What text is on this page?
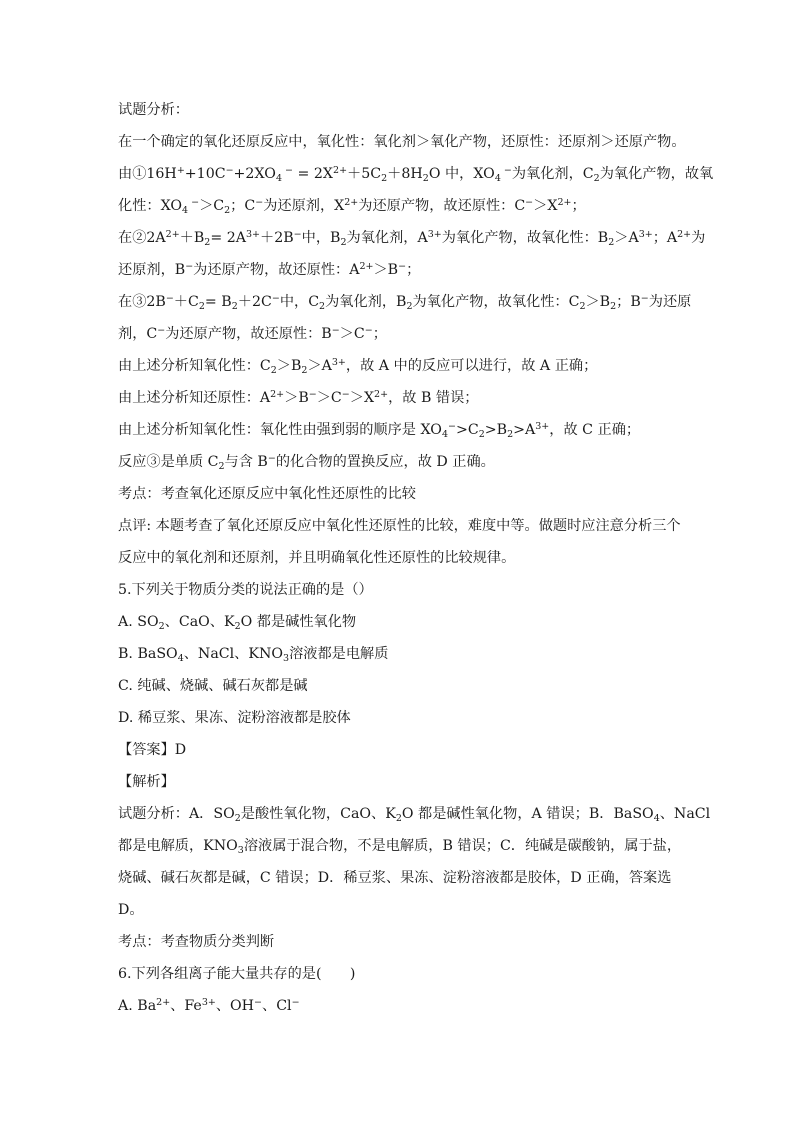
试题分析：
在一个确定的氧化还原反应中，氧化性：氧化剂＞氧化产物，还原性：还原剂＞还原产物。
由$①16H^++10C^-+2XO_4$ $^- = 2X^{2+}+5C_2+8H_2O$ 中，$XO_4$ −为氧化剂，$C_2$为氧化产物，故氧
化性：$XO_4$ $^->C_2$；C−为还原剂，$X^{2+}$为还原产物，故还原性：$C^->X^{2+}$；
在$②2A^{2+}+B_2= 2A^{3+}+2B^-$中，$B_2$为氧化剂，$A^{3+}$为氧化产物，故氧化性：$B_2>A^{3+}$；$A^{2+}$为
还原剂，B−为还原产物，故还原性：$A^{2+}>B^-$；
在$③2B^-+C_2= B_2+2C^-$中，$C_2$为氧化剂，$B_2$为氧化产物，故氧化性：$C_2>B_2$；B−为还原
剂，C−为还原产物，故还原性：B−＞C−；
由上述分析知氧化性：$C_2>B_2>A^{3+}$，故 A 中的反应可以进行，故 A 正确；
由上述分析知还原性：$A^{2+}>B^->C^->X^{2+}$，故 B 错误；
由上述分析知氧化性：氧化性由强到弱的顺序是 $XO_4^->C_2>B_2>A^{3+}$，故 C 正确；
反应③是单质 $C_2$与含 B−的化合物的置换反应，故 D 正确。
考点：考查氧化还原反应中氧化性还原性的比较
点评: 本题考查了氧化还原反应中氧化性还原性的比较，难度中等。做题时应注意分析三个
反应中的氧化剂和还原剂，并且明确氧化性还原性的比较规律。
5.下列关于物质分类的说法正确的是（）
A. $SO_2$、CaO、$K_2O$ 都是碱性氧化物
B. BaSO$_4$、NaCl、$KNO_3$溶液都是电解质
C. 纯碱、烧碱、碱石灰都是碱
D. 稀豆浆、果冻、淀粉溶液都是胶体
【答案】D
【解析】
试题分析：A．$SO_2$是酸性氧化物，CaO、$K_2O$ 都是碱性氧化物，A 错误；B．BaSO$_4$、NaCl
都是电解质，$KNO_3$溶液属于混合物，不是电解质，B 错误；C．纯碱是碳酸钠，属于盐，
烧碱、碱石灰都是碱，C 错误；D．稀豆浆、果冻、淀粉溶液都是胶体，D 正确，答案选
D。
考点：考查物质分类判断
6.下列各组离子能大量共存的是(　　)
A. $Ba^{2+}$、$Fe^{3+}$、OH−、Cl−
